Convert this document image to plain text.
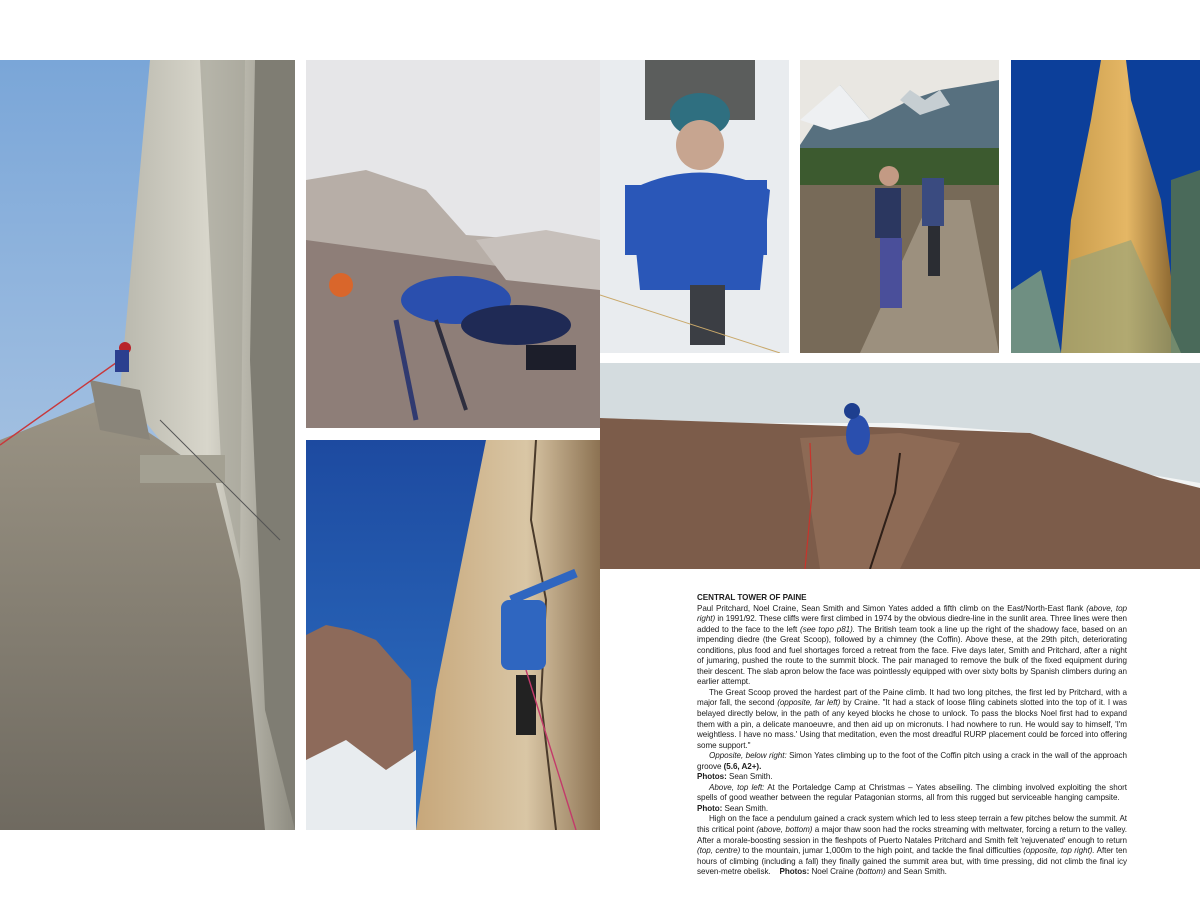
CENTRAL TOWER OF PAINE

Paul Pritchard, Noel Craine, Sean Smith and Simon Yates added a fifth climb on the East/North-East flank (above, top right) in 1991/92. These cliffs were first climbed in 1974 by the obvious diedre-line in the sunlit area. Three lines were then added to the face to the left (see topo p81). The British team took a line up the right of the shadowy face, based on an impending diedre (the Great Scoop), followed by a chimney (the Coffin). Above these, at the 29th pitch, deteriorating conditions, plus food and fuel shortages forced a retreat from the face. Five days later, Smith and Pritchard, after a night of jumaring, pushed the route to the summit block. The pair managed to remove the bulk of the fixed equipment during their descent. The slab apron below the face was pointlessly equipped with over sixty bolts by Spanish climbers during an earlier attempt.

The Great Scoop proved the hardest part of the Paine climb. It had two long pitches, the first led by Pritchard, with a major fall, the second (opposite, far left) by Craine. "It had a stack of loose filing cabinets slotted into the top of it. I was belayed directly below, in the path of any keyed blocks he chose to unlock. To pass the blocks Noel first had to expand them with a pin, a delicate manoeuvre, and then aid up on micronuts. I had nowhere to run. He would say to himself, 'I'm weightless. I have no mass.' Using that meditation, even the most dreadful RURP placement could be forced into offering some support."

Opposite, below right: Simon Yates climbing up to the foot of the Coffin pitch using a crack in the wall of the approach groove (5.6, A2+).
Photos: Sean Smith.

Above, top left: At the Portaledge Camp at Christmas – Yates abseiling. The climbing involved exploiting the short spells of good weather between the regular Patagonian storms, all from this rugged but serviceable hanging campsite.    Photo: Sean Smith.

High on the face a pendulum gained a crack system which led to less steep terrain a few pitches below the summit. At this critical point (above, bottom) a major thaw soon had the rocks streaming with meltwater, forcing a return to the valley. After a morale-boosting session in the fleshpots of Puerto Natales Pritchard and Smith felt 'rejuvenated' enough to return (top, centre) to the mountain, jumar 1,000m to the high point, and tackle the final difficulties (opposite, top right). After ten hours of climbing (including a fall) they finally gained the summit area but, with time pressing, did not climb the final icy seven-metre obelisk. Photos: Noel Craine (bottom) and Sean Smith.
